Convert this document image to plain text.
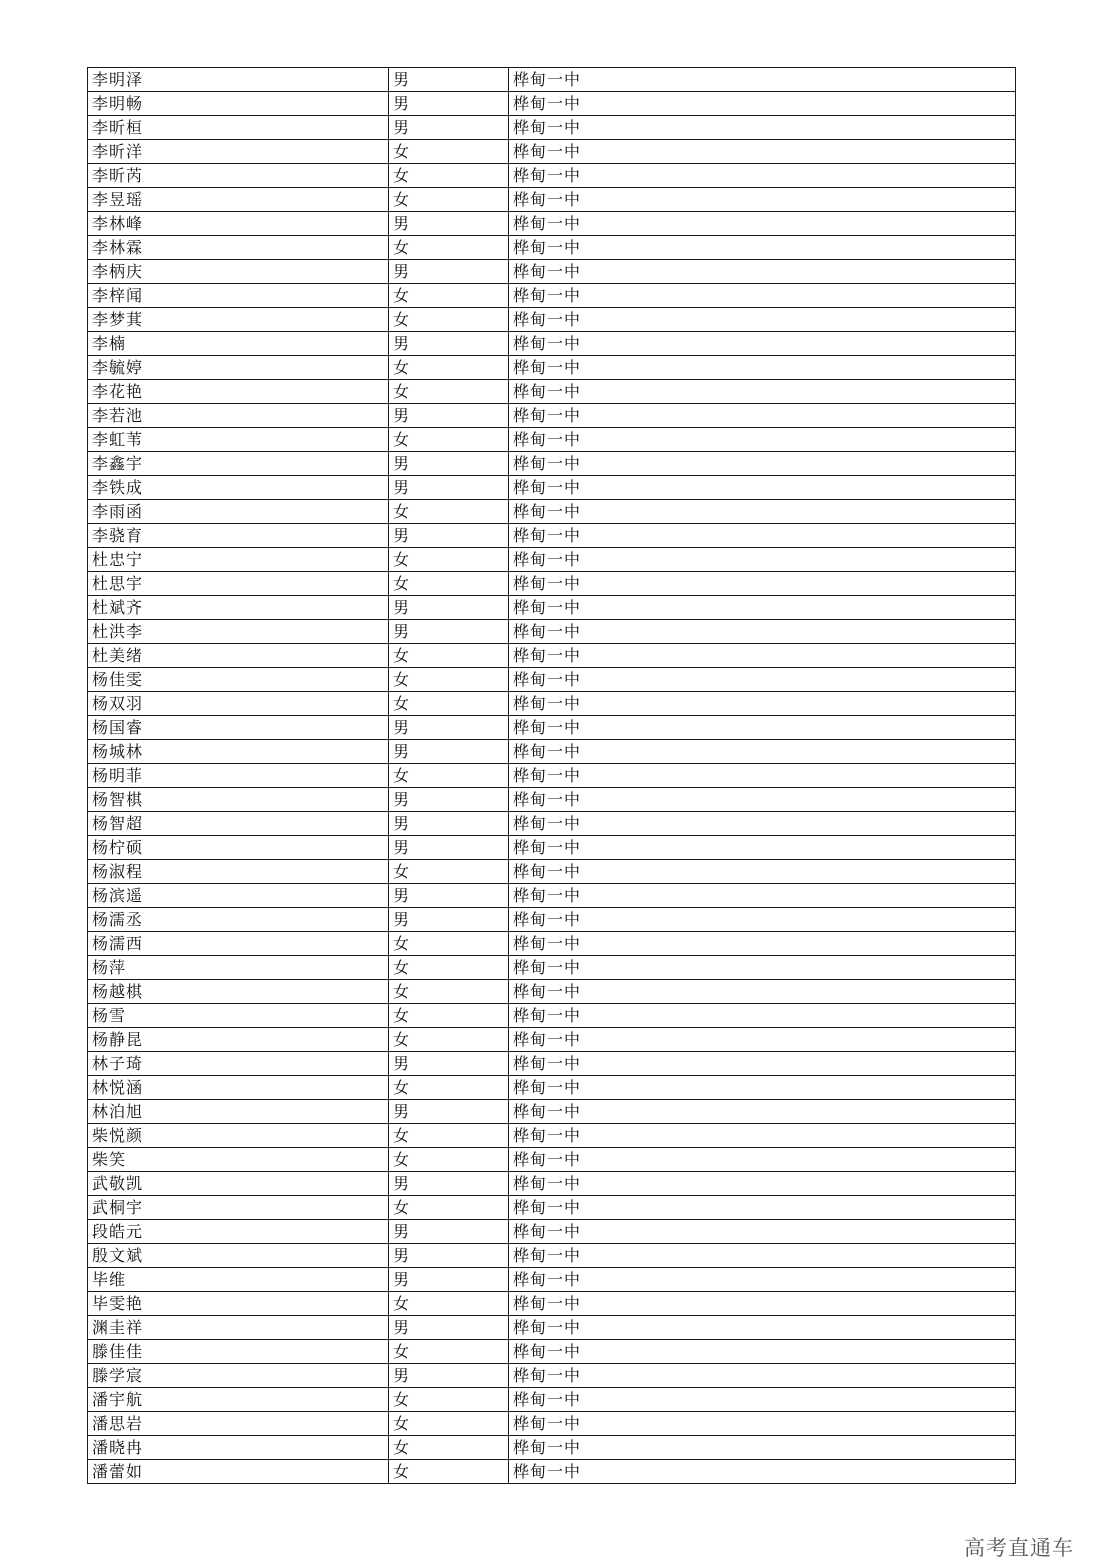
李明泽	男	桦甸一中
李明畅	男	桦甸一中
李昕桓	男	桦甸一中
李昕洋	女	桦甸一中
李昕芮	女	桦甸一中
李昱瑶	女	桦甸一中
李林峰	男	桦甸一中
李林霖	女	桦甸一中
李柄庆	男	桦甸一中
李梓闻	女	桦甸一中
李梦萁	女	桦甸一中
李楠	男	桦甸一中
李毓婷	女	桦甸一中
李花艳	女	桦甸一中
李若池	男	桦甸一中
李虹苇	女	桦甸一中
李鑫宇	男	桦甸一中
李铁成	男	桦甸一中
李雨函	女	桦甸一中
李骁育	男	桦甸一中
杜忠宁	女	桦甸一中
杜思宇	女	桦甸一中
杜斌齐	男	桦甸一中
杜洪李	男	桦甸一中
杜美绪	女	桦甸一中
杨佳雯	女	桦甸一中
杨双羽	女	桦甸一中
杨国睿	男	桦甸一中
杨城林	男	桦甸一中
杨明菲	女	桦甸一中
杨智棋	男	桦甸一中
杨智超	男	桦甸一中
杨柠硕	男	桦甸一中
杨淑程	女	桦甸一中
杨滨遥	男	桦甸一中
杨濡丞	男	桦甸一中
杨濡西	女	桦甸一中
杨萍	女	桦甸一中
杨越棋	女	桦甸一中
杨雪	女	桦甸一中
杨静昆	女	桦甸一中
林子琦	男	桦甸一中
林悦涵	女	桦甸一中
林泊旭	男	桦甸一中
柴悦颜	女	桦甸一中
柴笑	女	桦甸一中
武敬凯	男	桦甸一中
武桐宇	女	桦甸一中
段皓元	男	桦甸一中
殷文斌	男	桦甸一中
毕维	男	桦甸一中
毕雯艳	女	桦甸一中
渊圭祥	男	桦甸一中
滕佳佳	女	桦甸一中
滕学宸	男	桦甸一中
潘宇航	女	桦甸一中
潘思岩	女	桦甸一中
潘晓冉	女	桦甸一中
潘蕾如	女	桦甸一中
高考直通车
